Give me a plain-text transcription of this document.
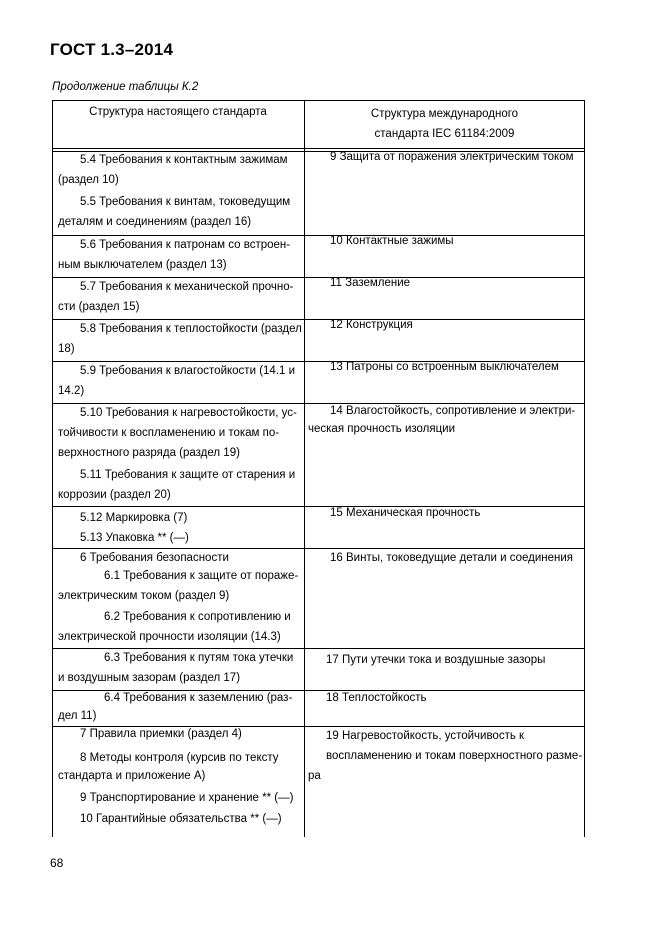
ГОСТ 1.3–2014
Продолжение таблицы К.2
Структура настоящего стандарта	Структура международного
стандарта IEC 61184:2009
5.4 Требования к контактным зажимам
(раздел 10)
5.5 Требования к винтам, токоведущим
деталям и соединениям (раздел 16)
5.6 Требования к патронам со встроен-
ным выключателем (раздел 13)
5.7 Требования к механической прочно-
сти (раздел 15)
5.8 Требования к теплостойкости (раздел
18)
5.9 Требования к влагостойкости (14.1 и
14.2)
5.10 Требования к нагревостойкости, ус-
тойчивости к воспламенению и токам по-
верхностного разряда (раздел 19)
5.11 Требования к защите от старения и
коррозии (раздел 20)
5.12 Маркировка (7)
5.13 Упаковка ** (—)
6 Требования безопасности
6.1 Требования к защите от пораже-
электрическим током (раздел 9)
6.2 Требования к сопротивлению и
электрической прочности изоляции (14.3)
6.3 Требования к путям тока утечки
и воздушным зазорам (раздел 17)
6.4 Требования к заземлению (раз-
дел 11)
7 Правила приемки (раздел 4)
8 Методы контроля (курсив по тексту
стандарта и приложение А)
9 Транспортирование и хранение ** (—)
10 Гарантийные обязательства ** (—)
9 Защита от поражения электрическим током
10 Контактные зажимы
11 Заземление
12 Конструкция
13 Патроны со встроенным выключателем
14 Влагостойкость, сопротивление и электри-
ческая прочность изоляции
15 Механическая прочность
16 Винты, токоведущие детали и соединения
17 Пути утечки тока и воздушные зазоры
18 Теплостойкость
19 Нагревостойкость, устойчивость к
воспламенению и токам поверхностного разме-
ра
68
